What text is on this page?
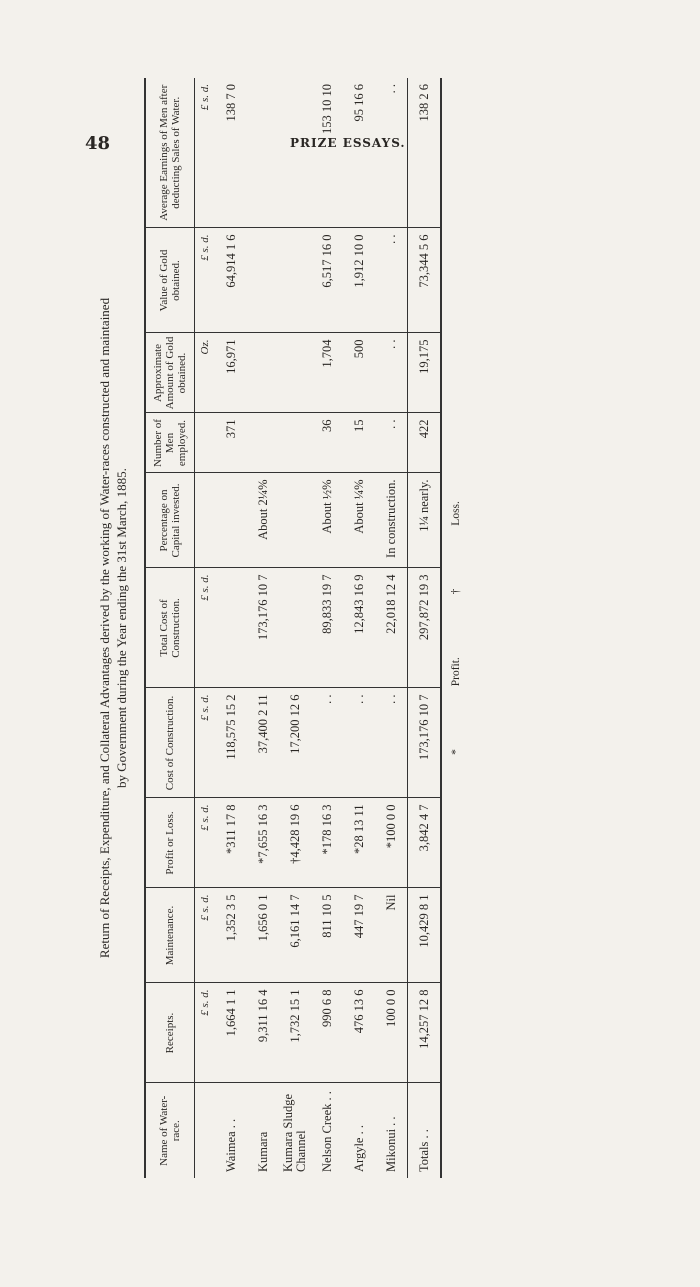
48	PRIZE ESSAYS.
Return of Receipts, Expenditure, and Collateral Advantages derived by the working of Water-races constructed and maintained by Government during the Year ending the 31st March, 1885.
Name of Water-race.	Receipts.	Maintenance.	Profit or Loss.	Cost of Construction.	Total Cost of Construction.	Percentage on Capital invested.	Number of Men employed.	Approximate Amount of Gold obtained.	Value of Gold obtained.	Average Earnings of Men after deducting Sales of Water.
	£ s. d.	£ s. d.	£ s. d.	£ s. d.	£ s. d.			Oz.	£ s. d.	£ s. d.
Waimea . .	1,664 1 1	1,352 3 5	*311 17 8	118,575 15 2			371	16,971	64,914 1 6	138 7 0
Kumara	9,311 16 4	1,656 0 1	*7,655 16 3	37,400 2 11	173,176 10 7	About 2¼%				
Kumara Sludge Channel	1,732 15 1	6,161 14 7	†4,428 19 6	17,200 12 6						
Nelson Creek . .	990 6 8	811 10 5	*178 16 3	. .	89,833 19 7	About ½%	36	1,704	6,517 16 0	153 10 10
Argyle . .	476 13 6	447 19 7	*28 13 11	. .	12,843 16 9	About ¼%	15	500	1,912 10 0	95 16 6
Mikonui . .	100 0 0	Nil	*100 0 0	. .	22,018 12 4	In construction.	. .	. .	. .	. .
Totals . .	14,257 12 8	10,429 8 1	3,842 4 7	173,176 10 7	297,872 19 3	1¼ nearly.	422	19,175	73,344 5 6	138 2 6
* Profit. † Loss.
